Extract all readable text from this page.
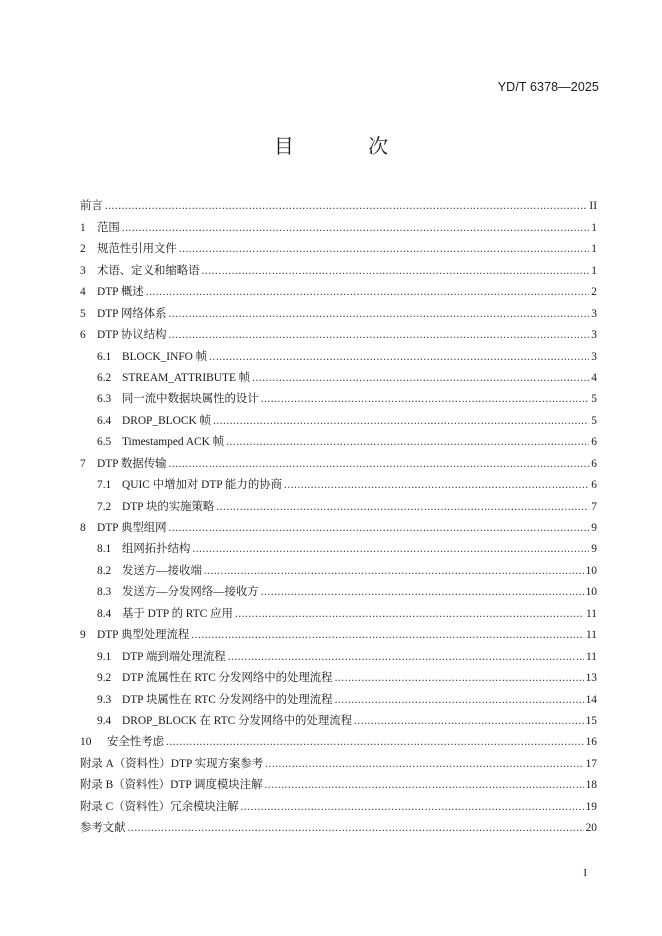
YD/T 6378—2025
目 次
前言 .....	II
1 范围 .....	1
2 规范性引用文件 .....	1
3 术语、定义和缩略语 .....	1
4 DTP 概述 .....	2
5 DTP 网络体系 .....	3
6 DTP 协议结构 .....	3
6.1 BLOCK_INFO 帧 .....	3
6.2 STREAM_ATTRIBUTE 帧 .....	4
6.3 同一流中数据块属性的设计 .....	5
6.4 DROP_BLOCK 帧 .....	5
6.5 Timestamped ACK 帧 .....	6
7 DTP 数据传输 .....	6
7.1 QUIC 中增加对 DTP 能力的协商 .....	6
7.2 DTP 块的实施策略 .....	7
8 DTP 典型组网 .....	9
8.1 组网拓扑结构 .....	9
8.2 发送方—接收端 .....	10
8.3 发送方—分发网络—接收方 .....	10
8.4 基于 DTP 的 RTC 应用 .....	11
9 DTP 典型处理流程 .....	11
9.1 DTP 端到端处理流程 .....	11
9.2 DTP 流属性在 RTC 分发网络中的处理流程 .....	13
9.3 DTP 块属性在 RTC 分发网络中的处理流程 .....	14
9.4 DROP_BLOCK 在 RTC 分发网络中的处理流程 .....	15
10	安全性考虑 .....	16
附录 A（资料性）DTP 实现方案参考 .....	17
附录 B（资料性）DTP 调度模块注解 .....	18
附录 C（资料性）冗余模块注解 .....	19
参考文献 .....	20
I
